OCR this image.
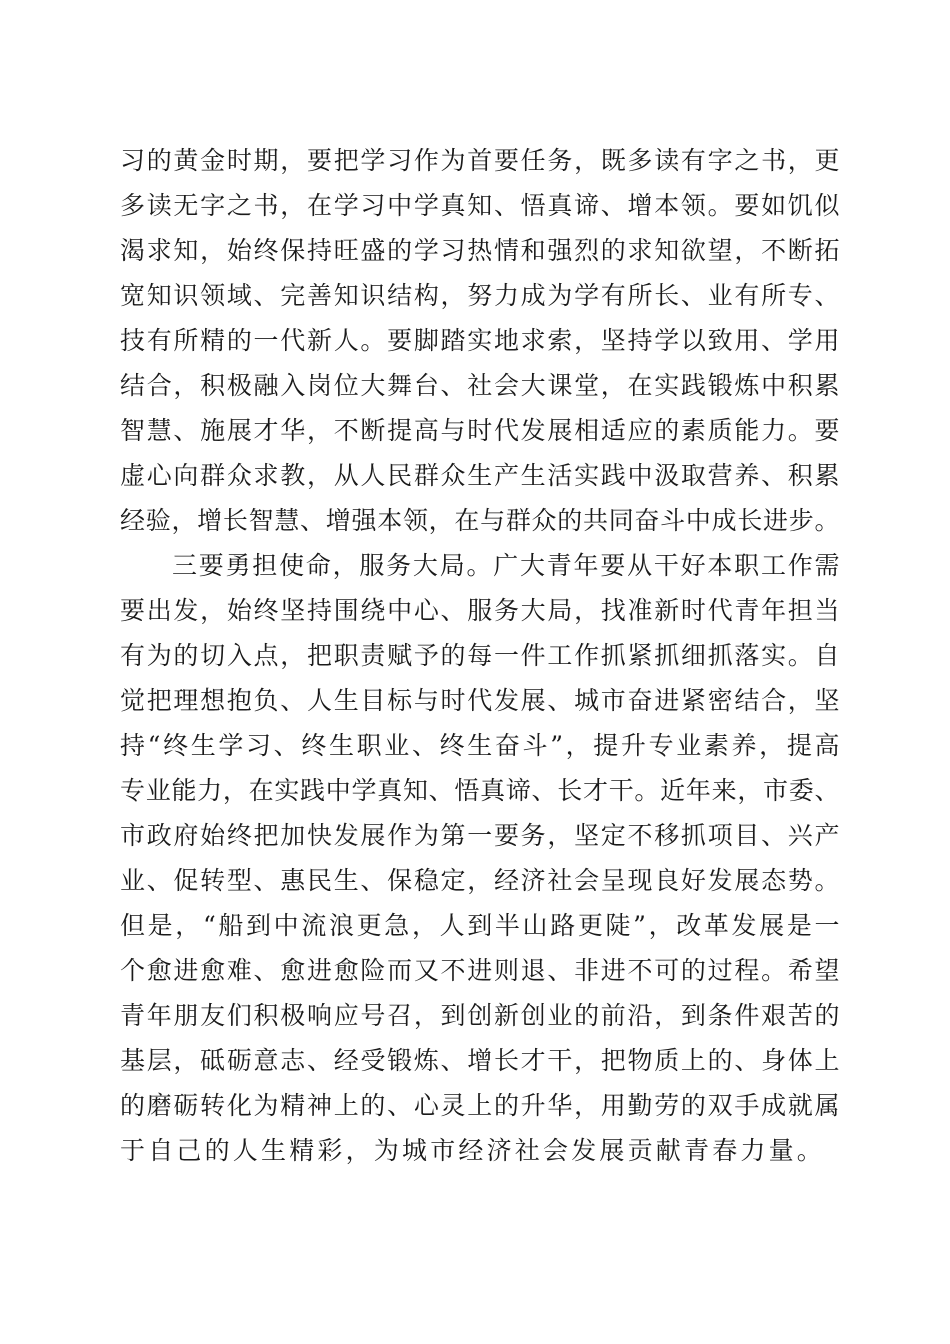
习的黄金时期，要把学习作为首要任务，既多读有字之书，更
多读无字之书，在学习中学真知、悟真谛、增本领。要如饥似
渴求知，始终保持旺盛的学习热情和强烈的求知欲望，不断拓
宽知识领域、完善知识结构，努力成为学有所长、业有所专、
技有所精的一代新人。要脚踏实地求索，坚持学以致用、学用
结合，积极融入岗位大舞台、社会大课堂，在实践锻炼中积累
智慧、施展才华，不断提高与时代发展相适应的素质能力。要
虚心向群众求教，从人民群众生产生活实践中汲取营养、积累
经验，增长智慧、增强本领，在与群众的共同奋斗中成长进步。
三要勇担使命，服务大局。广大青年要从干好本职工作需
要出发，始终坚持围绕中心、服务大局，找准新时代青年担当
有为的切入点，把职责赋予的每一件工作抓紧抓细抓落实。自
觉把理想抱负、人生目标与时代发展、城市奋进紧密结合，坚
持“终生学习、终生职业、终生奋斗”，提升专业素养，提高
专业能力，在实践中学真知、悟真谛、长才干。近年来，市委、
市政府始终把加快发展作为第一要务，坚定不移抓项目、兴产
业、促转型、惠民生、保稳定，经济社会呈现良好发展态势。
但是，“船到中流浪更急，人到半山路更陡”，改革发展是一
个愈进愈难、愈进愈险而又不进则退、非进不可的过程。希望
青年朋友们积极响应号召，到创新创业的前沿，到条件艰苦的
基层，砥砺意志、经受锻炼、增长才干，把物质上的、身体上
的磨砺转化为精神上的、心灵上的升华，用勤劳的双手成就属
于自己的人生精彩，为城市经济社会发展贡献青春力量。
